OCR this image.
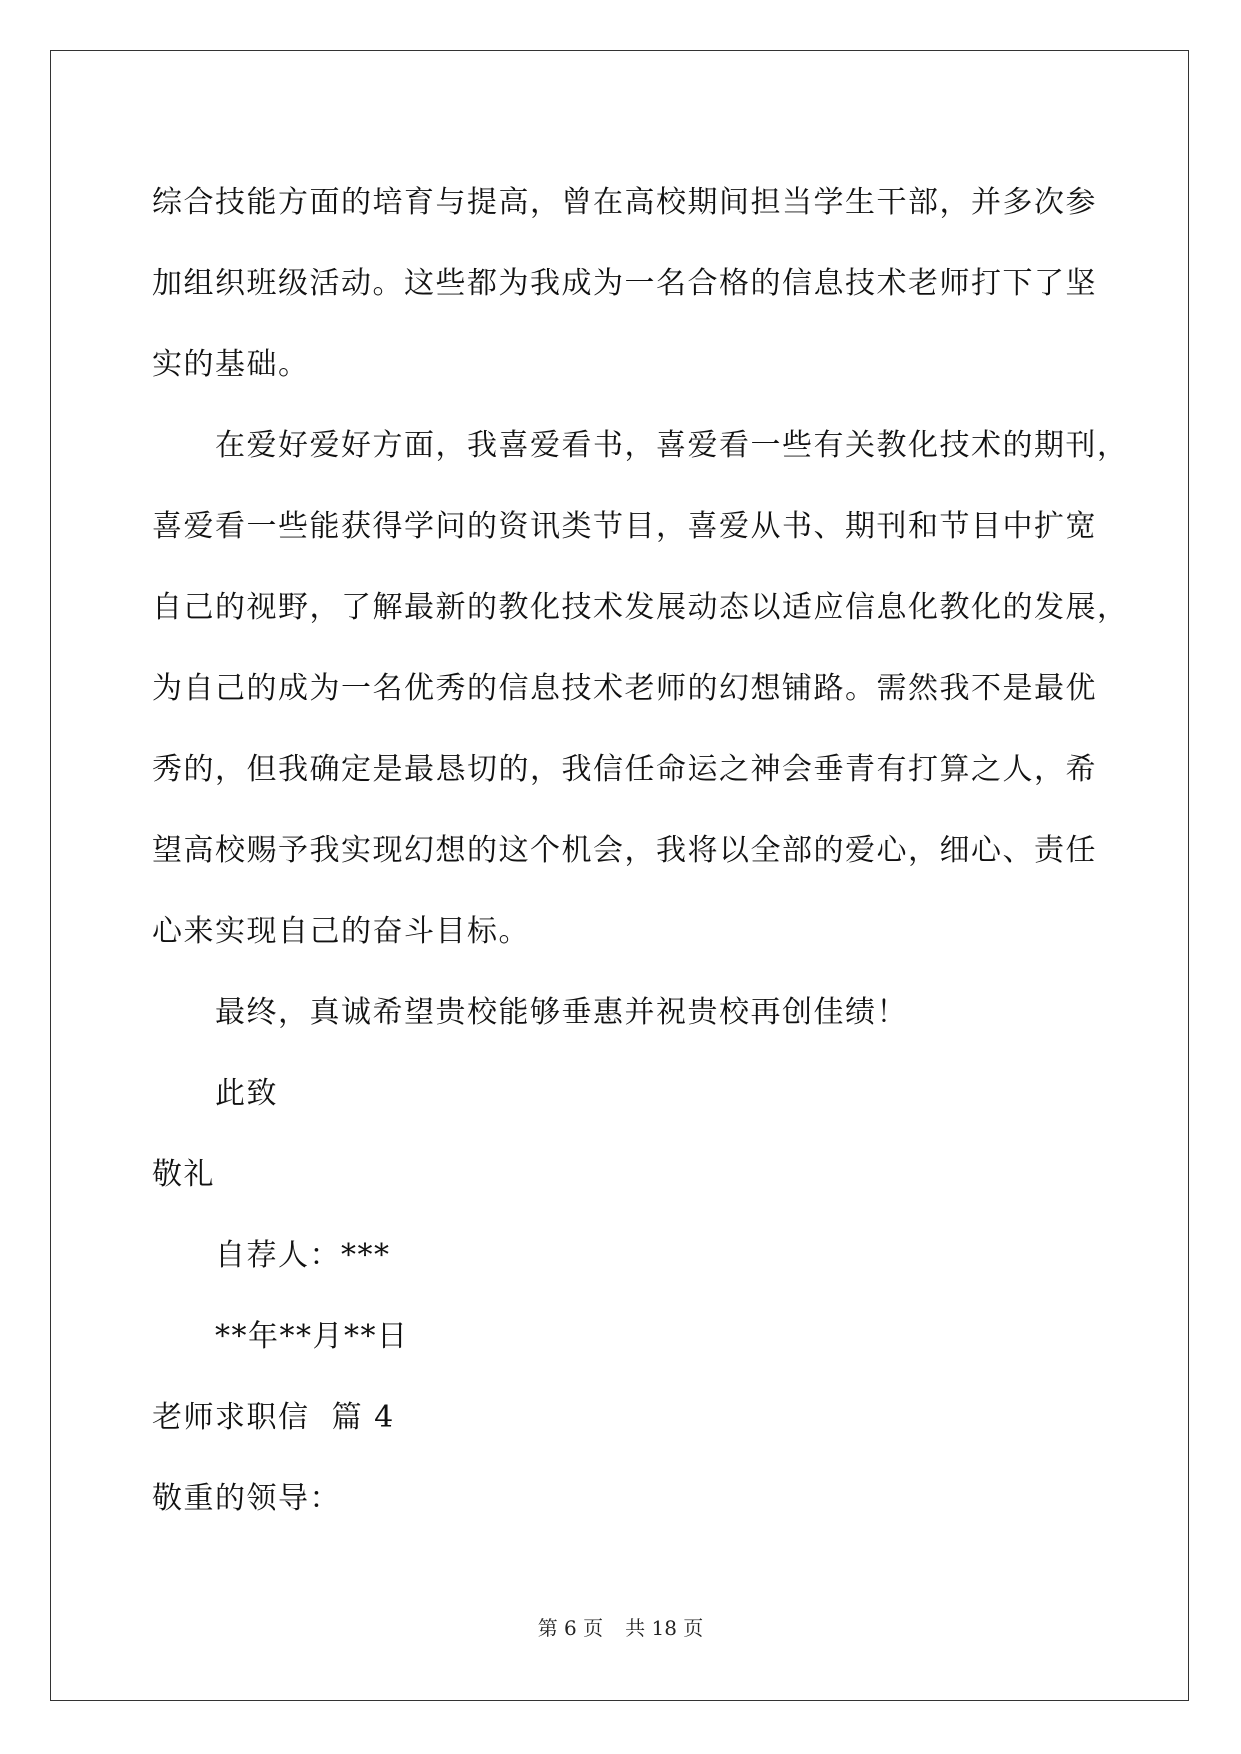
综合技能方面的培育与提高，曾在高校期间担当学生干部，并多次参
加组织班级活动。这些都为我成为一名合格的信息技术老师打下了坚
实的基础。
在爱好爱好方面，我喜爱看书，喜爱看一些有关教化技术的期刊，
喜爱看一些能获得学问的资讯类节目，喜爱从书、期刊和节目中扩宽
自己的视野，了解最新的教化技术发展动态以适应信息化教化的发展，
为自己的成为一名优秀的信息技术老师的幻想铺路。需然我不是最优
秀的，但我确定是最恳切的，我信任命运之神会垂青有打算之人，希
望高校赐予我实现幻想的这个机会，我将以全部的爱心，细心、责任
心来实现自己的奋斗目标。
最终，真诚希望贵校能够垂惠并祝贵校再创佳绩！
此致
敬礼
自荐人：***
**年**月**日
老师求职信  篇 4
敬重的领导：
第 6 页 共 18 页
